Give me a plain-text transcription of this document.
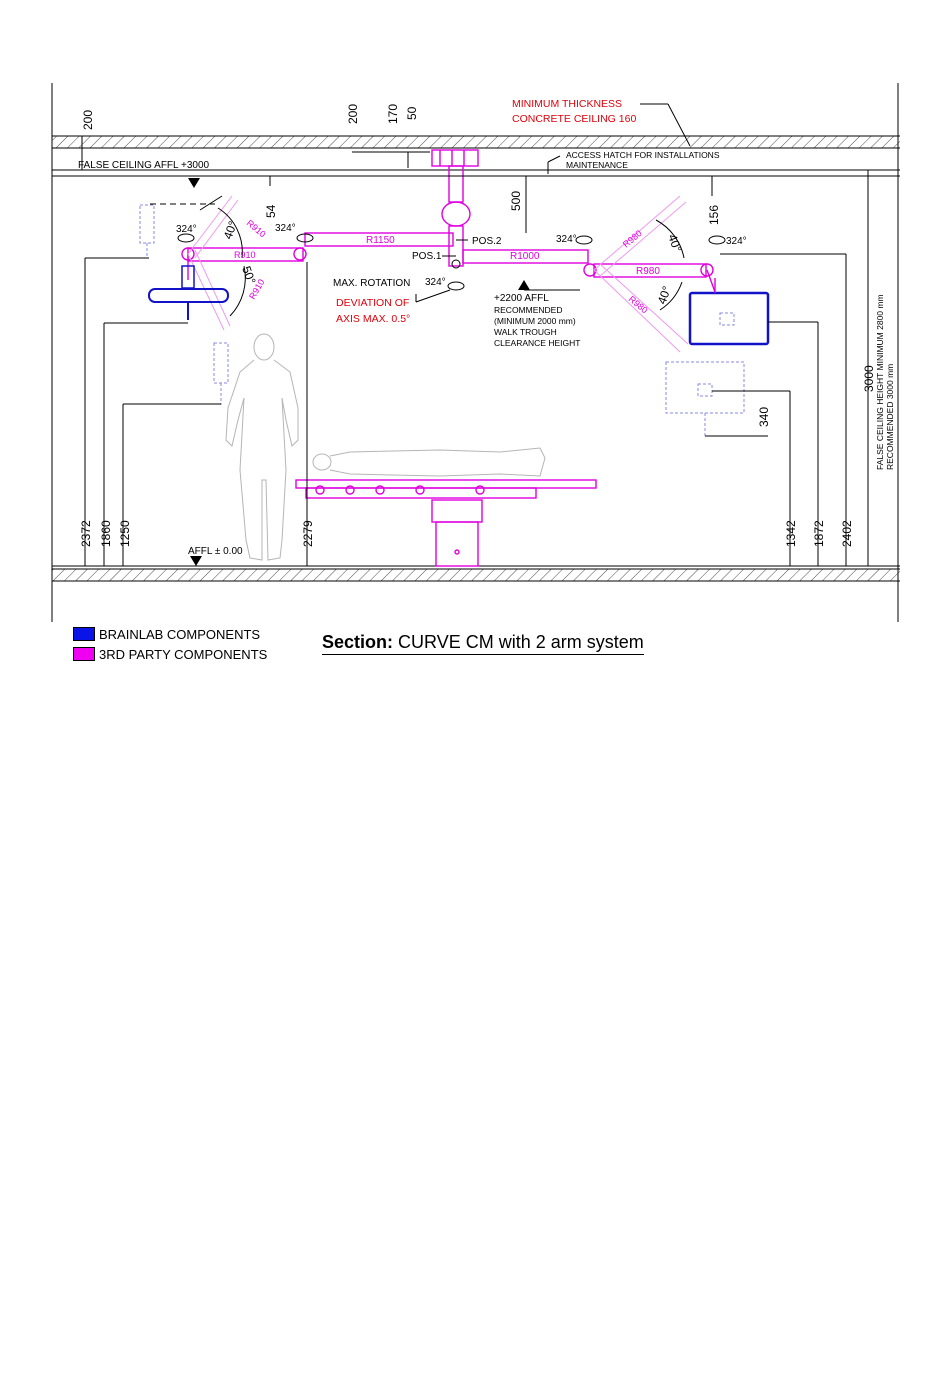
MINIMUM THICKNESS
CONCRETE CEILING 160
FALSE CEILING AFFL +3000
ACCESS HATCH FOR INSTALLATIONS
MAINTENANCE
POS.2
POS.1
MAX. ROTATION
DEVIATION OF
AXIS MAX. 0.5°
+2200 AFFL
RECOMMENDED
(MINIMUM 2000 mm)
WALK TROUGH
CLEARANCE HEIGHT
AFFL ± 0.00
FALSE CEILING HEIGHT MINIMUM 2800 mm RECOMMENDED 3000 mm
324°	324°
324°
324°	324°
40°
50°
40°
40°
R1150
R910	R1000
R980
R980
R980
R910
R910
200	200 170 50
500
54	156
340
3000
2372 1860 1250	2279	1342 1872 2402
BRAINLAB COMPONENTS
3RD PARTY COMPONENTS
Section: CURVE CM with 2 arm system
